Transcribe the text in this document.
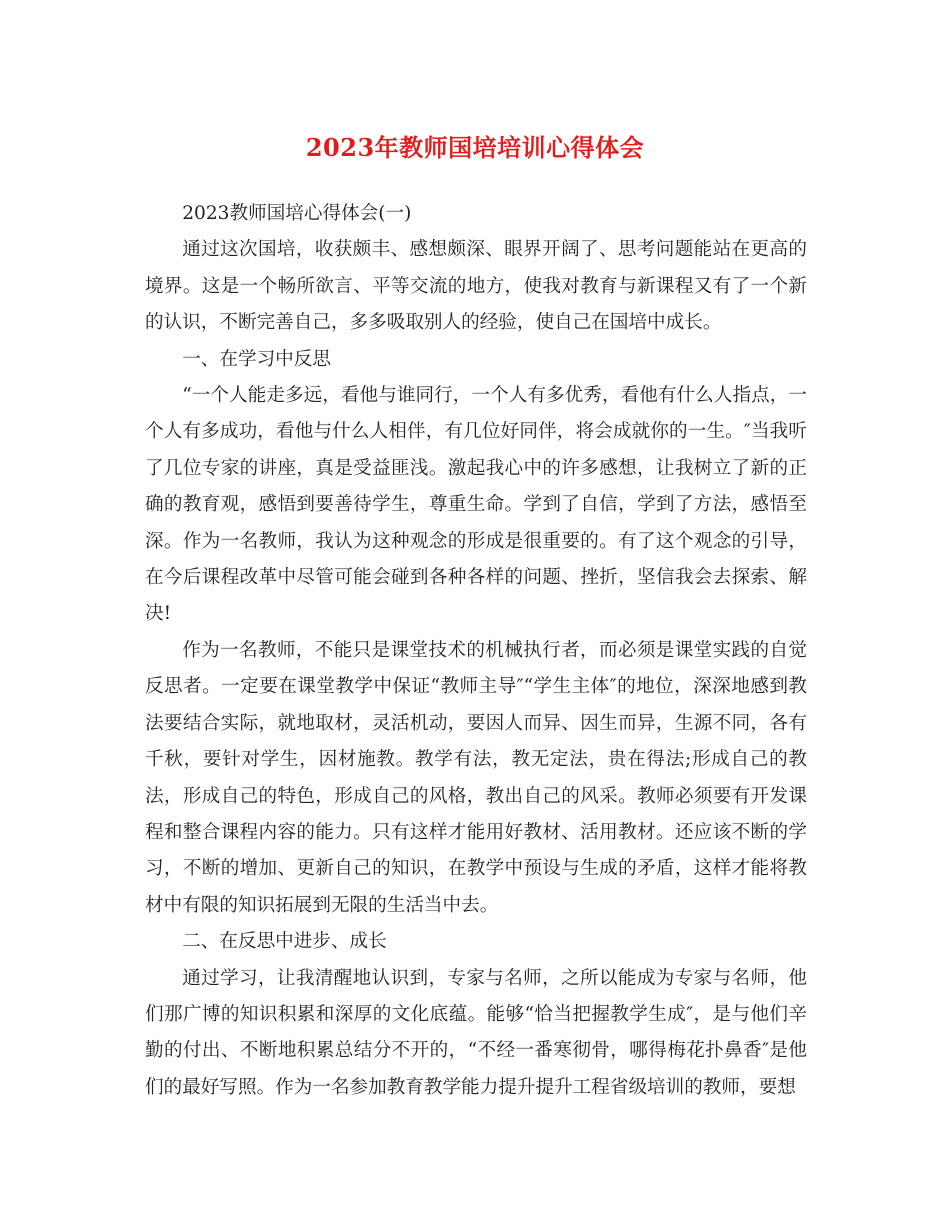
2023年教师国培培训心得体会

2023教师国培心得体会(一)

通过这次国培，收获颇丰、感想颇深、眼界开阔了、思考问题能站在更高的境界。这是一个畅所欲言、平等交流的地方，使我对教育与新课程又有了一个新的认识，不断完善自己，多多吸取别人的经验，使自己在国培中成长。

一、在学习中反思

“一个人能走多远，看他与谁同行，一个人有多优秀，看他有什么人指点，一个人有多成功，看他与什么人相伴，有几位好同伴，将会成就你的一生。″当我听了几位专家的讲座，真是受益匪浅。激起我心中的许多感想，让我树立了新的正确的教育观，感悟到要善待学生，尊重生命。学到了自信，学到了方法，感悟至深。作为一名教师，我认为这种观念的形成是很重要的。有了这个观念的引导，在今后课程改革中尽管可能会碰到各种各样的问题、挫折，坚信我会去探索、解决!

作为一名教师，不能只是课堂技术的机械执行者，而必须是课堂实践的自觉反思者。一定要在课堂教学中保证“教师主导″“学生主体″的地位，深深地感到教法要结合实际，就地取材，灵活机动，要因人而异、因生而异，生源不同，各有千秋，要针对学生，因材施教。教学有法，教无定法，贵在得法;形成自己的教法，形成自己的特色，形成自己的风格，教出自己的风采。教师必须要有开发课程和整合课程内容的能力。只有这样才能用好教材、活用教材。还应该不断的学习，不断的增加、更新自己的知识，在教学中预设与生成的矛盾，这样才能将教材中有限的知识拓展到无限的生活当中去。

二、在反思中进步、成长

通过学习，让我清醒地认识到，专家与名师，之所以能成为专家与名师，他们那广博的知识积累和深厚的文化底蕴。能够“恰当把握教学生成″，是与他们辛勤的付出、不断地积累总结分不开的，“不经一番寒彻骨，哪得梅花扑鼻香″是他们的最好写照。作为一名参加教育教学能力提升提升工程省级培训的教师，要想
